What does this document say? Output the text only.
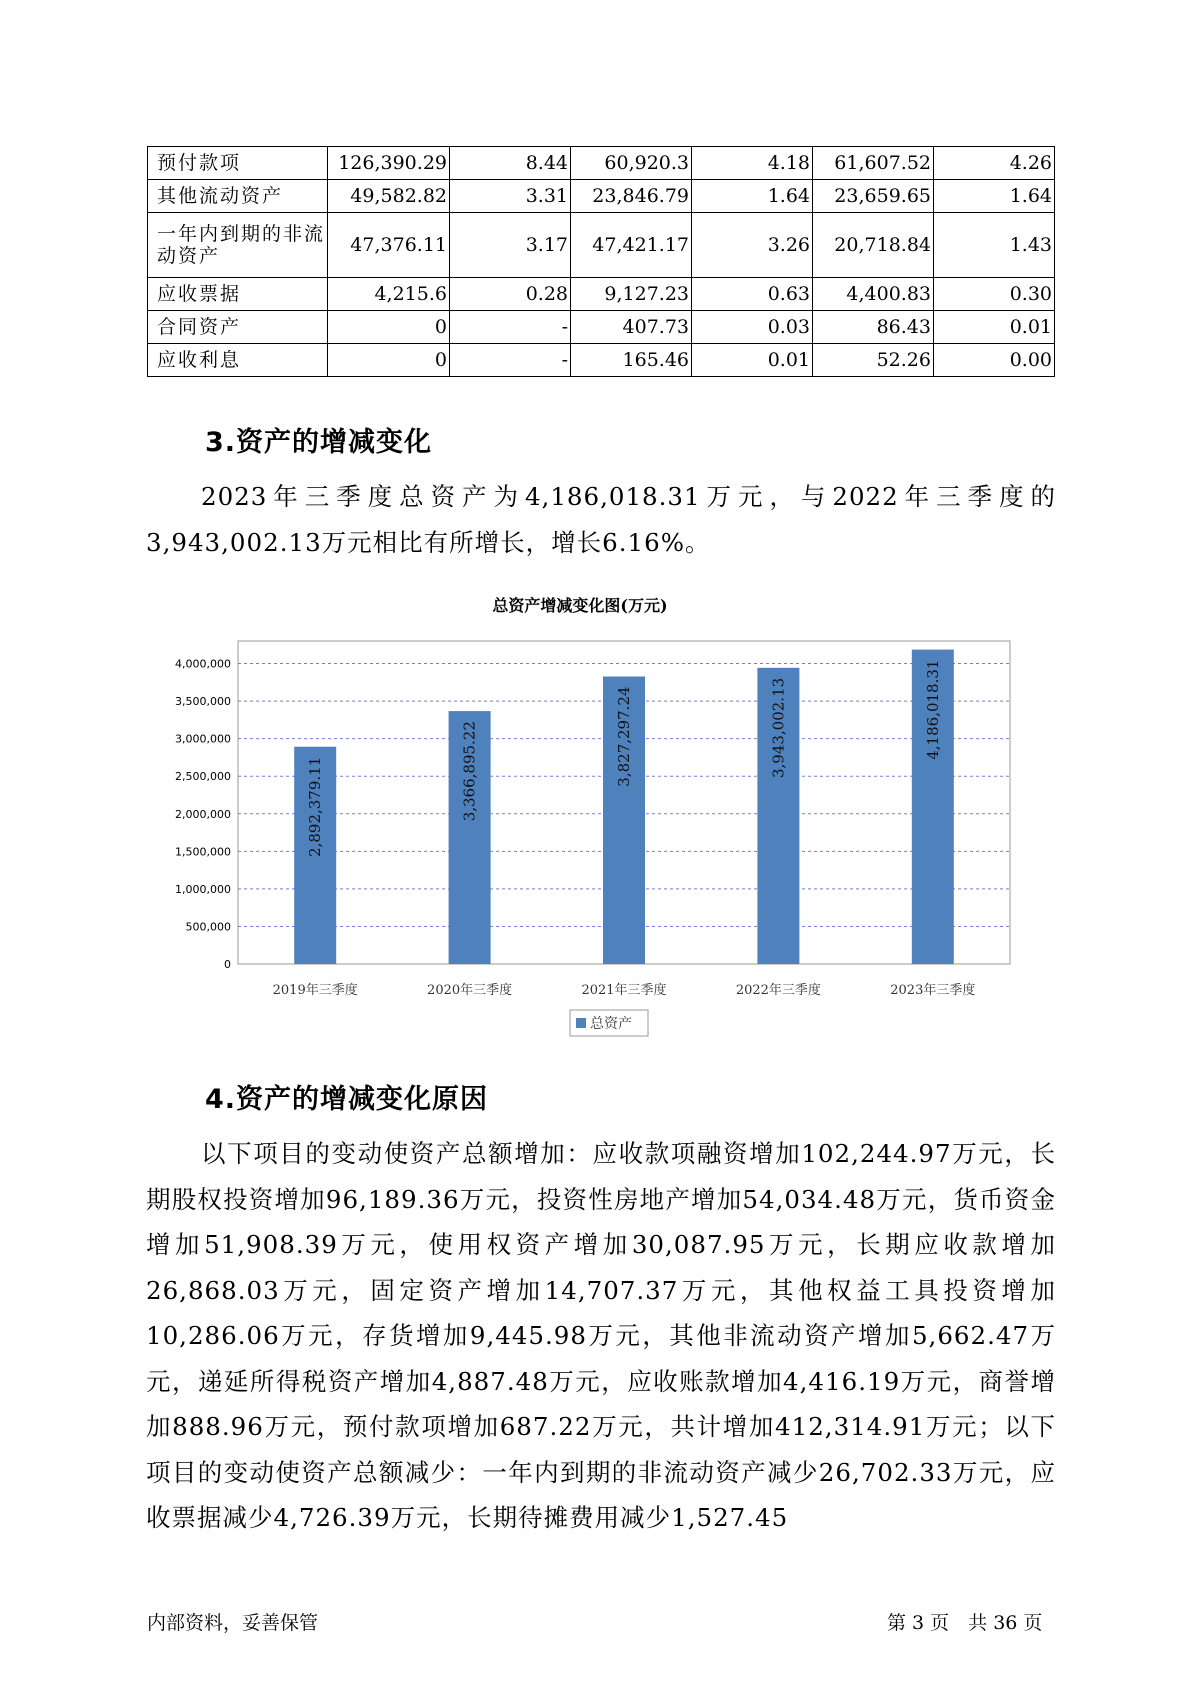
预付款项	126,390.29	8.44	60,920.3	4.18	61,607.52	4.26
其他流动资产	49,582.82	3.31	23,846.79	1.64	23,659.65	1.64
一年内到期的非流动资产	47,376.11	3.17	47,421.17	3.26	20,718.84	1.43
应收票据	4,215.6	0.28	9,127.23	0.63	4,400.83	0.30
合同资产	0	-	407.73	0.03	86.43	0.01
应收利息	0	-	165.46	0.01	52.26	0.00
3.资产的增减变化

2023年三季度总资产为4,186,018.31万元，与2022年三季度的3,943,002.13万元相比有所增长，增长6.16%。

总资产增减变化图(万元)
0
500,000
1,000,000
1,500,000
2,000,000
2,500,000
3,000,000
3,500,000
4,000,000
2,892,379.11	3,366,895.22	3,827,297.24	3,943,002.13	4,186,018.31
2019年三季度	2020年三季度	2021年三季度	2022年三季度	2023年三季度
总资产
4.资产的增减变化原因

以下项目的变动使资产总额增加：应收款项融资增加102,244.97万元，长期股权投资增加96,189.36万元，投资性房地产增加54,034.48万元，货币资金增加51,908.39万元，使用权资产增加30,087.95万元，长期应收款增加26,868.03万元，固定资产增加14,707.37万元，其他权益工具投资增加10,286.06万元，存货增加9,445.98万元，其他非流动资产增加5,662.47万元，递延所得税资产增加4,887.48万元，应收账款增加4,416.19万元，商誉增加888.96万元，预付款项增加687.22万元，共计增加412,314.91万元；以下项目的变动使资产总额减少：一年内到期的非流动资产减少26,702.33万元，应收票据减少4,726.39万元，长期待摊费用减少1,527.45

内部资料，妥善保管	第 3 页　共 36 页
